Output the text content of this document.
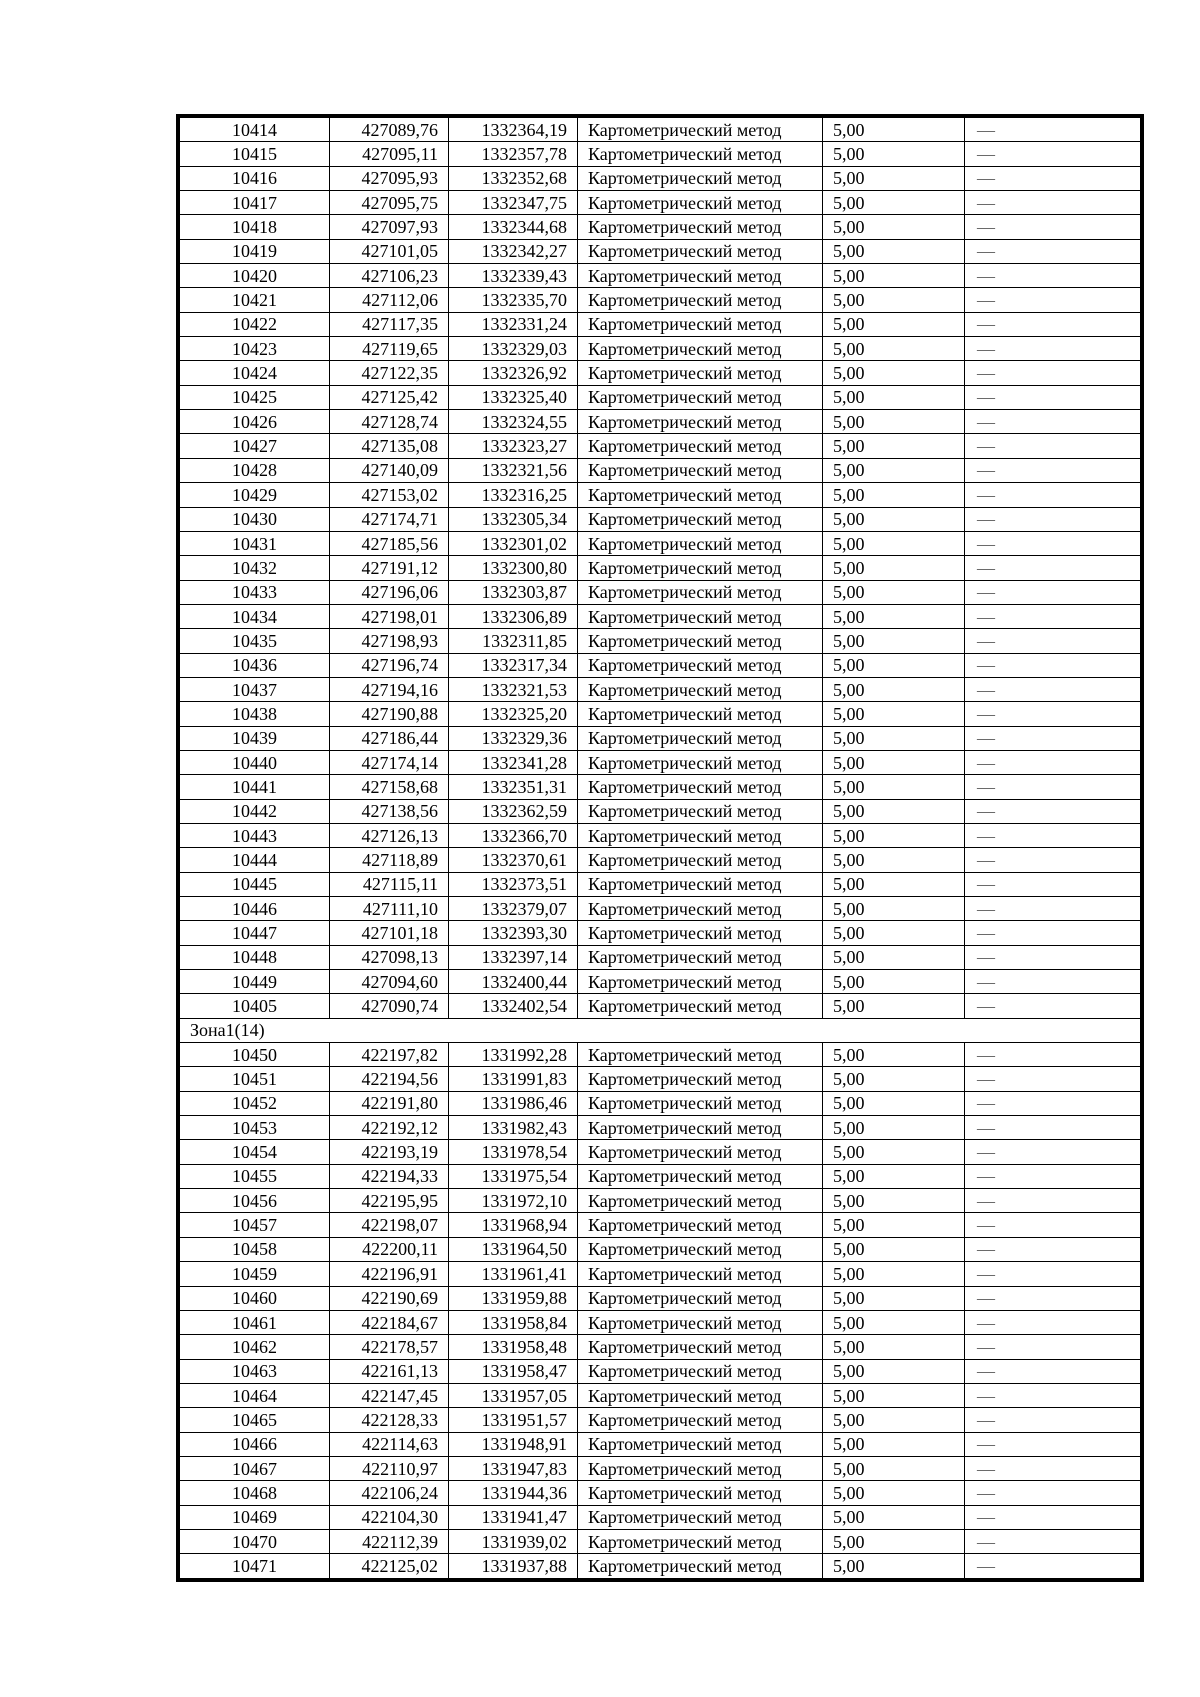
10414	427089,76	1332364,19	Картометрический метод	5,00	—
10415	427095,11	1332357,78	Картометрический метод	5,00	—
10416	427095,93	1332352,68	Картометрический метод	5,00	—
10417	427095,75	1332347,75	Картометрический метод	5,00	—
10418	427097,93	1332344,68	Картометрический метод	5,00	—
10419	427101,05	1332342,27	Картометрический метод	5,00	—
10420	427106,23	1332339,43	Картометрический метод	5,00	—
10421	427112,06	1332335,70	Картометрический метод	5,00	—
10422	427117,35	1332331,24	Картометрический метод	5,00	—
10423	427119,65	1332329,03	Картометрический метод	5,00	—
10424	427122,35	1332326,92	Картометрический метод	5,00	—
10425	427125,42	1332325,40	Картометрический метод	5,00	—
10426	427128,74	1332324,55	Картометрический метод	5,00	—
10427	427135,08	1332323,27	Картометрический метод	5,00	—
10428	427140,09	1332321,56	Картометрический метод	5,00	—
10429	427153,02	1332316,25	Картометрический метод	5,00	—
10430	427174,71	1332305,34	Картометрический метод	5,00	—
10431	427185,56	1332301,02	Картометрический метод	5,00	—
10432	427191,12	1332300,80	Картометрический метод	5,00	—
10433	427196,06	1332303,87	Картометрический метод	5,00	—
10434	427198,01	1332306,89	Картометрический метод	5,00	—
10435	427198,93	1332311,85	Картометрический метод	5,00	—
10436	427196,74	1332317,34	Картометрический метод	5,00	—
10437	427194,16	1332321,53	Картометрический метод	5,00	—
10438	427190,88	1332325,20	Картометрический метод	5,00	—
10439	427186,44	1332329,36	Картометрический метод	5,00	—
10440	427174,14	1332341,28	Картометрический метод	5,00	—
10441	427158,68	1332351,31	Картометрический метод	5,00	—
10442	427138,56	1332362,59	Картометрический метод	5,00	—
10443	427126,13	1332366,70	Картометрический метод	5,00	—
10444	427118,89	1332370,61	Картометрический метод	5,00	—
10445	427115,11	1332373,51	Картометрический метод	5,00	—
10446	427111,10	1332379,07	Картометрический метод	5,00	—
10447	427101,18	1332393,30	Картометрический метод	5,00	—
10448	427098,13	1332397,14	Картометрический метод	5,00	—
10449	427094,60	1332400,44	Картометрический метод	5,00	—
10405	427090,74	1332402,54	Картометрический метод	5,00	—
Зона1(14)					
10450	422197,82	1331992,28	Картометрический метод	5,00	—
10451	422194,56	1331991,83	Картометрический метод	5,00	—
10452	422191,80	1331986,46	Картометрический метод	5,00	—
10453	422192,12	1331982,43	Картометрический метод	5,00	—
10454	422193,19	1331978,54	Картометрический метод	5,00	—
10455	422194,33	1331975,54	Картометрический метод	5,00	—
10456	422195,95	1331972,10	Картометрический метод	5,00	—
10457	422198,07	1331968,94	Картометрический метод	5,00	—
10458	422200,11	1331964,50	Картометрический метод	5,00	—
10459	422196,91	1331961,41	Картометрический метод	5,00	—
10460	422190,69	1331959,88	Картометрический метод	5,00	—
10461	422184,67	1331958,84	Картометрический метод	5,00	—
10462	422178,57	1331958,48	Картометрический метод	5,00	—
10463	422161,13	1331958,47	Картометрический метод	5,00	—
10464	422147,45	1331957,05	Картометрический метод	5,00	—
10465	422128,33	1331951,57	Картометрический метод	5,00	—
10466	422114,63	1331948,91	Картометрический метод	5,00	—
10467	422110,97	1331947,83	Картометрический метод	5,00	—
10468	422106,24	1331944,36	Картометрический метод	5,00	—
10469	422104,30	1331941,47	Картометрический метод	5,00	—
10470	422112,39	1331939,02	Картометрический метод	5,00	—
10471	422125,02	1331937,88	Картометрический метод	5,00	—
